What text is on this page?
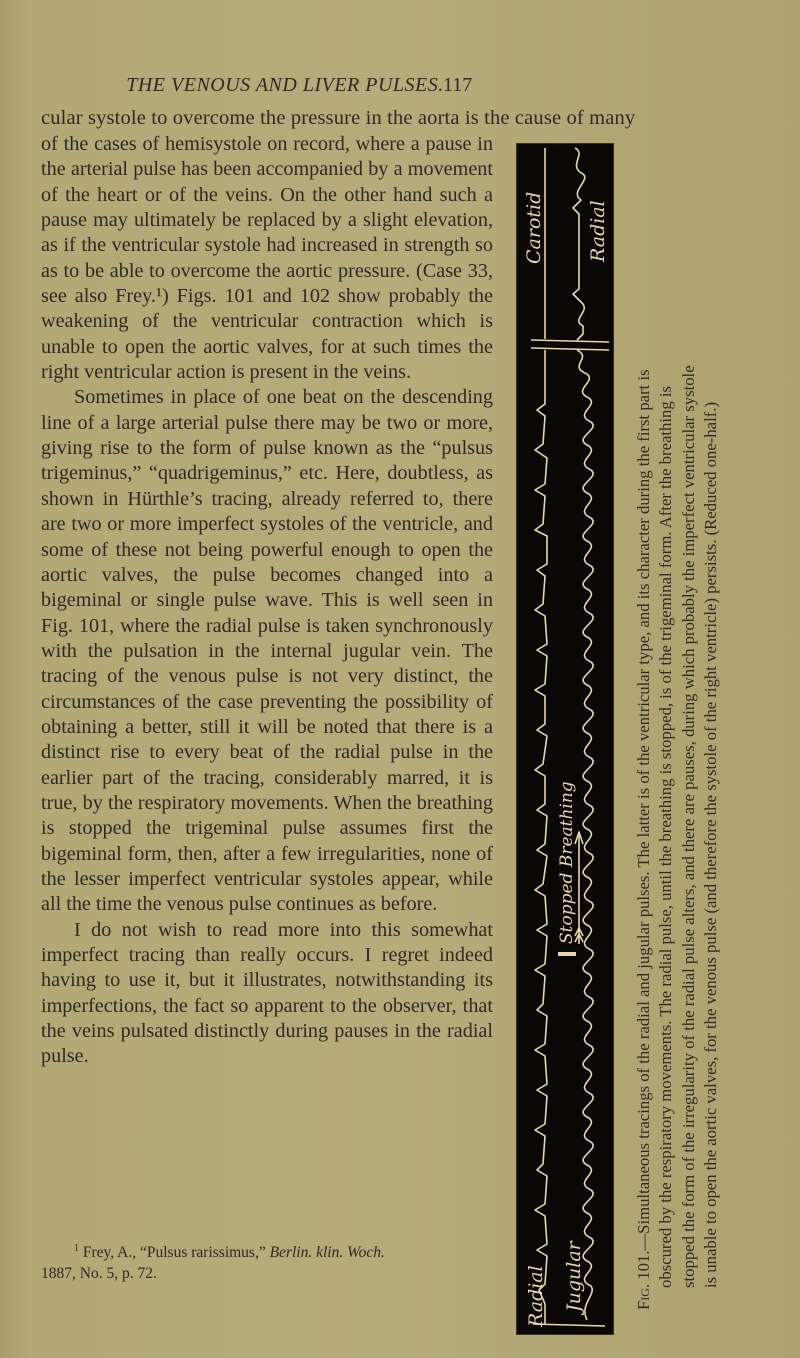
THE VENOUS AND LIVER PULSES. 117
cular systole to overcome the pressure in the aorta is the cause of many

of the cases of hemisystole on record, where a pause in the arterial pulse has been accompanied by a movement of the heart or of the veins. On the other hand such a pause may ultimately be replaced by a slight elevation, as if the ventricular systole had increased in strength so as to be able to overcome the aortic pressure. (Case 33, see also Frey.¹) Figs. 101 and 102 show probably the weakening of the ventricular contraction which is unable to open the aortic valves, for at such times the right ventricular action is present in the veins.

Sometimes in place of one beat on the descending line of a large arterial pulse there may be two or more, giving rise to the form of pulse known as the “pulsus trigeminus,” “quadrigeminus,” etc. Here, doubtless, as shown in Hürthle’s tracing, already referred to, there are two or more imperfect systoles of the ventricle, and some of these not being powerful enough to open the aortic valves, the pulse becomes changed into a bigeminal or single pulse wave. This is well seen in Fig. 101, where the radial pulse is taken synchronously with the pulsation in the internal jugular vein. The tracing of the venous pulse is not very distinct, the circumstances of the case preventing the possibility of obtaining a better, still it will be noted that there is a distinct rise to every beat of the radial pulse in the earlier part of the tracing, considerably marred, it is true, by the respiratory movements. When the breathing is stopped the trigeminal pulse assumes first the bigeminal form, then, after a few irregularities, none of the lesser imperfect ventricular systoles appear, while all the time the venous pulse continues as before.

I do not wish to read more into this somewhat imperfect tracing than really occurs. I regret indeed having to use it, but it illustrates, notwithstanding its imperfections, the fact so apparent to the observer, that the veins pulsated distinctly during pauses in the radial pulse.

$^1$ Frey, A., “Pulsus rarissimus,” Berlin. klin. Woch.
1887, No. 5, p. 72.
Carotid Radial
Stopped Breathing
Radial Jugular	Fig. 101.—Simultaneous tracings of the radial and jugular pulses. The latter is of the ventricular type, and its character during the first part is obscured by the respiratory movements. The radial pulse, until the breathing is stopped, is of the trigeminal form. After the breathing is stopped the form of the irregularity of the radial pulse alters, and there are pauses, during which probably the imperfect ventricular systole is unable to open the aortic valves, for the venous pulse (and therefore the systole of the right ventricle) persists. (Reduced one-half.)
